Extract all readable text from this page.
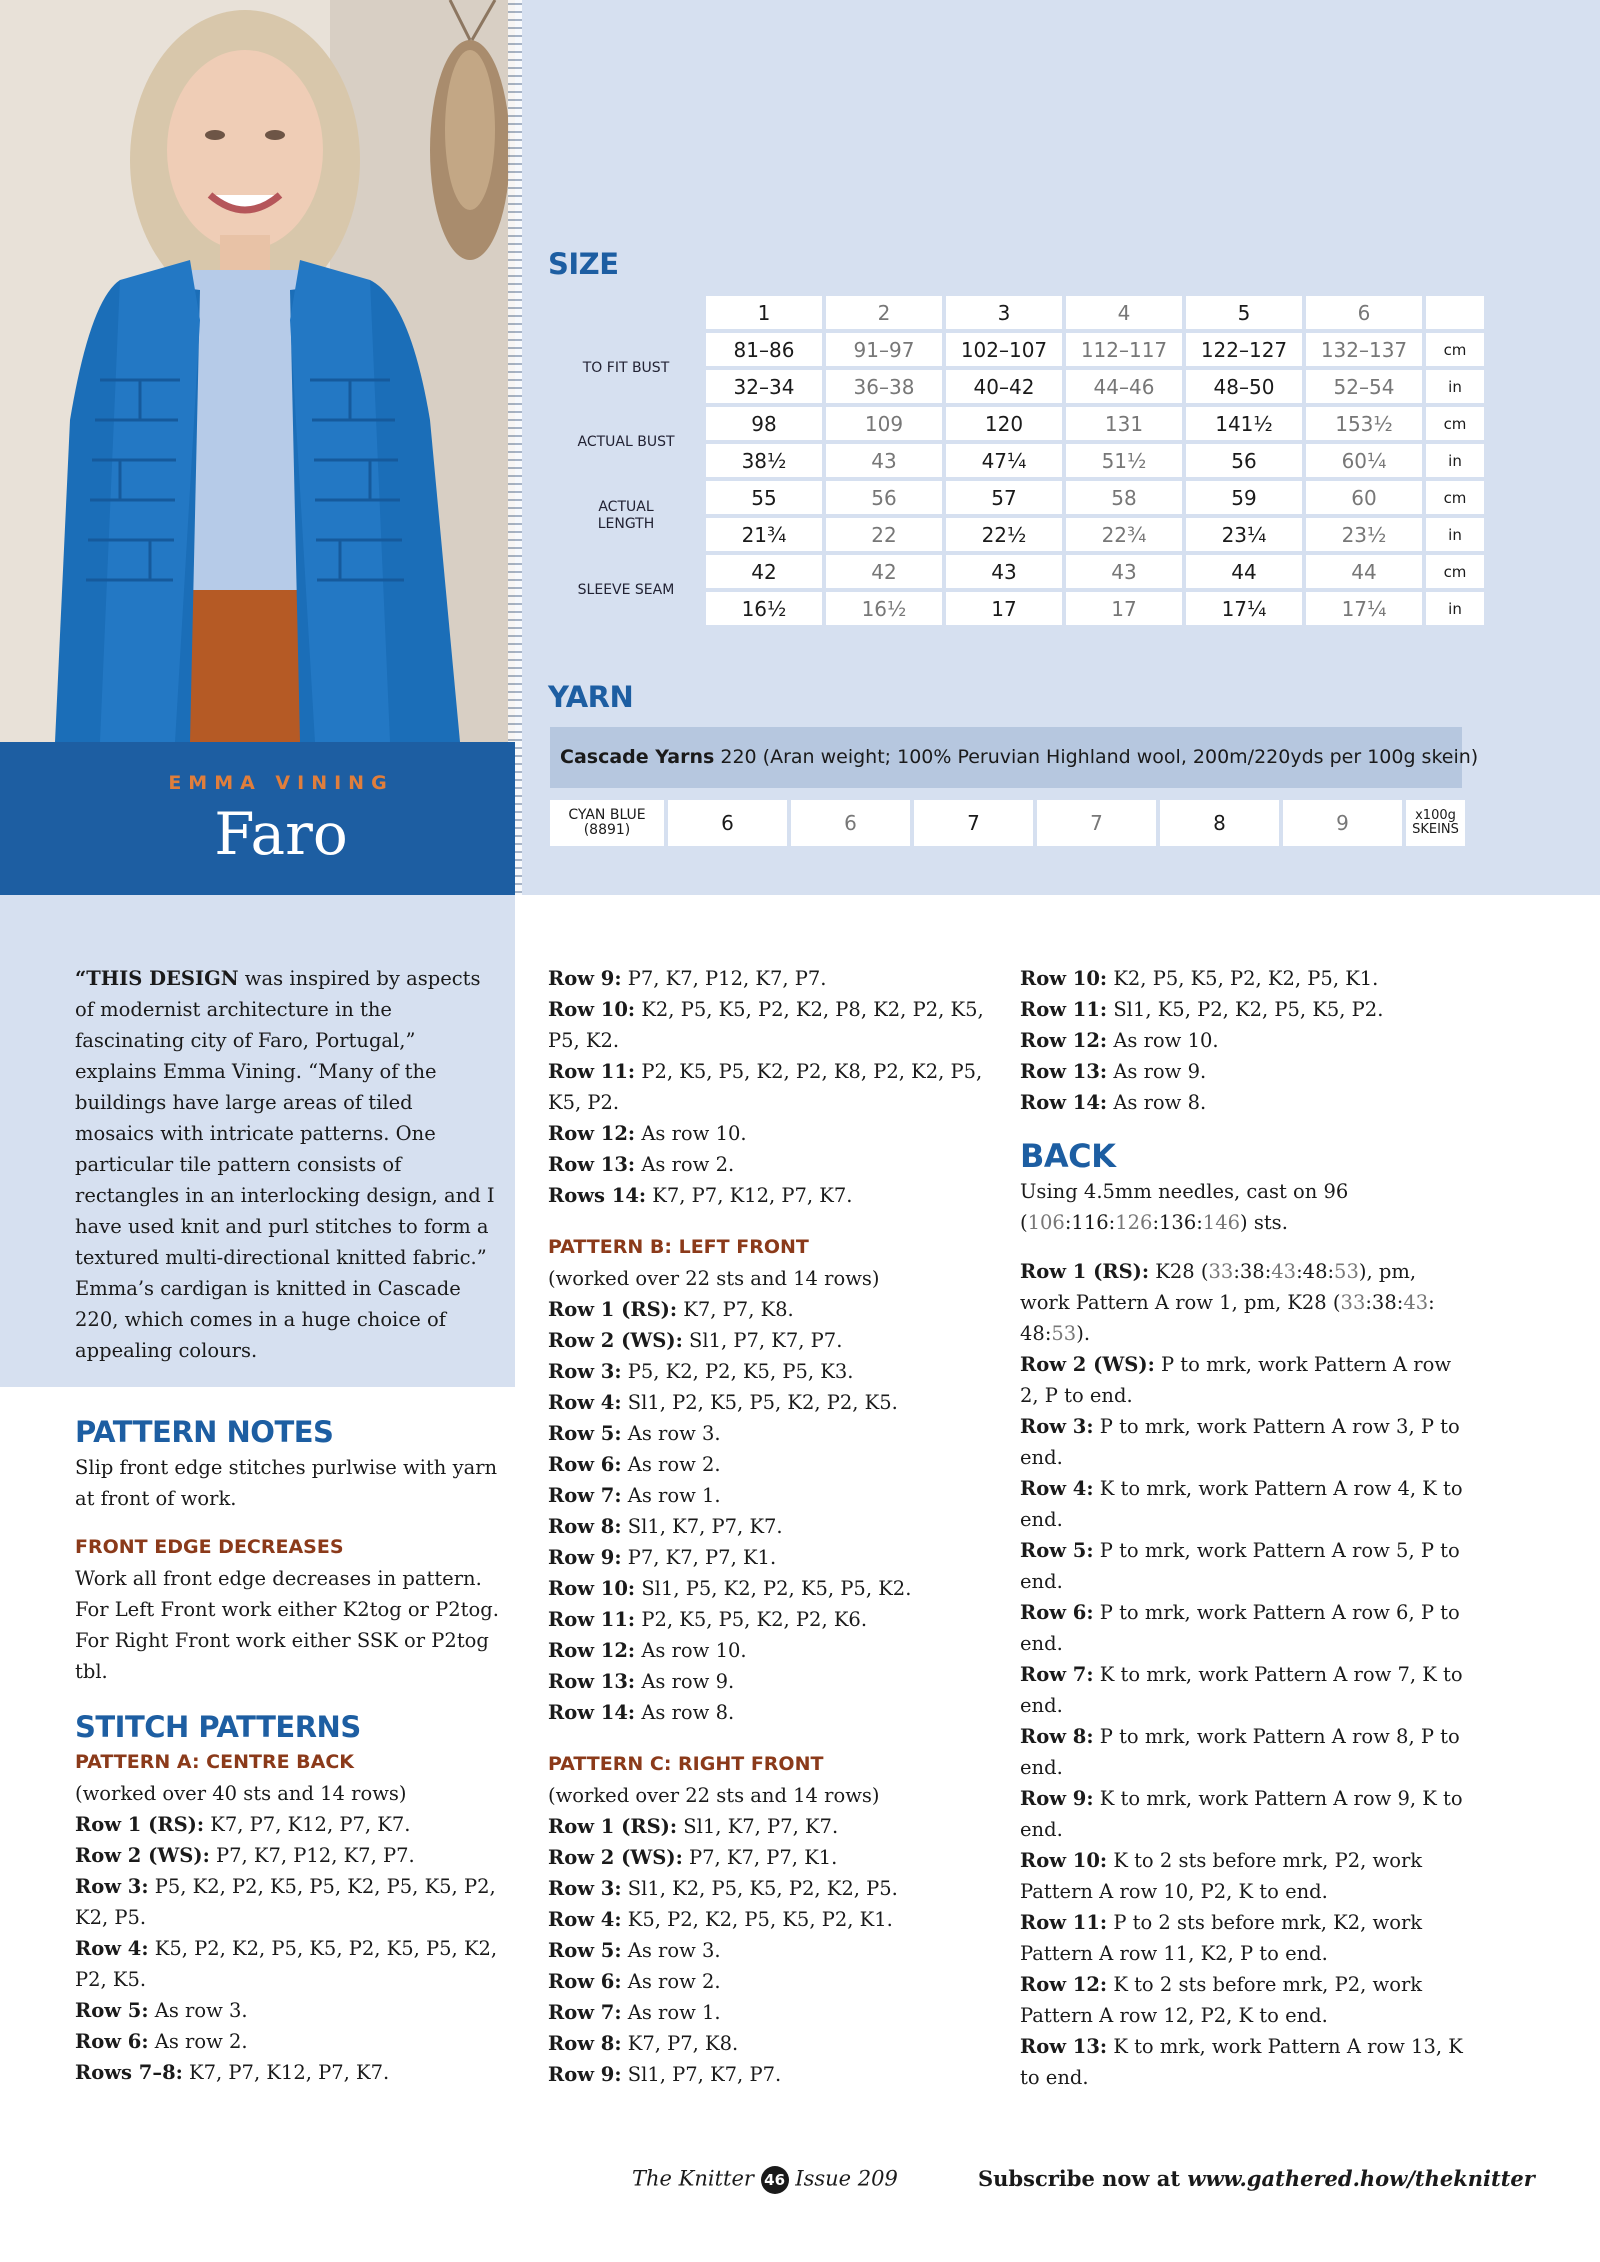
EMMA VINING
Faro
SIZE
	1	2	3	4	5	6	
TO FIT BUST	81–86	91–97	102–107	112–117	122–127	132–137	cm
	32–34	36–38	40–42	44–46	48–50	52–54	in
ACTUAL BUST	98	109	120	131	141½	153½	cm
	38½	43	47¼	51½	56	60¼	in
ACTUAL LENGTH	55	56	57	58	59	60	cm
	21¾	22	22½	22¾	23¼	23½	in
SLEEVE SEAM	42	42	43	43	44	44	cm
	16½	16½	17	17	17¼	17¼	in
YARN
Cascade Yarns 220 (Aran weight; 100% Peruvian Highland wool, 200m/220yds per 100g skein)
CYAN BLUE (8891)	6	6	7	7	8	9	x100g SKEINS

“THIS DESIGN was inspired by aspects of modernist architecture in the fascinating city of Faro, Portugal,” explains Emma Vining. “Many of the buildings have large areas of tiled mosaics with intricate patterns. One particular tile pattern consists of rectangles in an interlocking design, and I have used knit and purl stitches to form a textured multi-directional knitted fabric.” Emma’s cardigan is knitted in Cascade 220, which comes in a huge choice of appealing colours.

PATTERN NOTES

Slip front edge stitches purlwise with yarn at front of work.

FRONT EDGE DECREASES

Work all front edge decreases in pattern. For Left Front work either K2tog or P2tog. For Right Front work either SSK or P2tog tbl.

STITCH PATTERNS
PATTERN A: CENTRE BACK

(worked over 40 sts and 14 rows)

Row 1 (RS): K7, P7, K12, P7, K7.

Row 2 (WS): P7, K7, P12, K7, P7.

Row 3: P5, K2, P2, K5, P5, K2, P5, K5, P2, K2, P5.

Row 4: K5, P2, K2, P5, K5, P2, K5, P5, K2, P2, K5.

Row 5: As row 3.

Row 6: As row 2.

Rows 7–8: K7, P7, K12, P7, K7.

Row 9: P7, K7, P12, K7, P7.

Row 10: K2, P5, K5, P2, K2, P8, K2, P2, K5, P5, K2.

Row 11: P2, K5, P5, K2, P2, K8, P2, K2, P5, K5, P2.

Row 12: As row 10.

Row 13: As row 2.

Rows 14: K7, P7, K12, P7, K7.

PATTERN B: LEFT FRONT

(worked over 22 sts and 14 rows)

Row 1 (RS): K7, P7, K8.

Row 2 (WS): Sl1, P7, K7, P7.

Row 3: P5, K2, P2, K5, P5, K3.

Row 4: Sl1, P2, K5, P5, K2, P2, K5.

Row 5: As row 3.

Row 6: As row 2.

Row 7: As row 1.

Row 8: Sl1, K7, P7, K7.

Row 9: P7, K7, P7, K1.

Row 10: Sl1, P5, K2, P2, K5, P5, K2.

Row 11: P2, K5, P5, K2, P2, K6.

Row 12: As row 10.

Row 13: As row 9.

Row 14: As row 8.

PATTERN C: RIGHT FRONT

(worked over 22 sts and 14 rows)

Row 1 (RS): Sl1, K7, P7, K7.

Row 2 (WS): P7, K7, P7, K1.

Row 3: Sl1, K2, P5, K5, P2, K2, P5.

Row 4: K5, P2, K2, P5, K5, P2, K1.

Row 5: As row 3.

Row 6: As row 2.

Row 7: As row 1.

Row 8: K7, P7, K8.

Row 9: Sl1, P7, K7, P7.

Row 10: K2, P5, K5, P2, K2, P5, K1.

Row 11: Sl1, K5, P2, K2, P5, K5, P2.

Row 12: As row 10.

Row 13: As row 9.

Row 14: As row 8.

BACK

Using 4.5mm needles, cast on 96 (106:116:126:136:146) sts.

Row 1 (RS): K28 (33:38:43:48:53), pm, work Pattern A row 1, pm, K28 (33:38:43: 48:53).

Row 2 (WS): P to mrk, work Pattern A row 2, P to end.

Row 3: P to mrk, work Pattern A row 3, P to end.

Row 4: K to mrk, work Pattern A row 4, K to end.

Row 5: P to mrk, work Pattern A row 5, P to end.

Row 6: P to mrk, work Pattern A row 6, P to end.

Row 7: K to mrk, work Pattern A row 7, K to end.

Row 8: P to mrk, work Pattern A row 8, P to end.

Row 9: K to mrk, work Pattern A row 9, K to end.

Row 10: K to 2 sts before mrk, P2, work Pattern A row 10, P2, K to end.

Row 11: P to 2 sts before mrk, K2, work Pattern A row 11, K2, P to end.

Row 12: K to 2 sts before mrk, P2, work Pattern A row 12, P2, K to end.

Row 13: K to mrk, work Pattern A row 13, K to end.

The Knitter 46 Issue 209	Subscribe now at www.gathered.how/theknitter
